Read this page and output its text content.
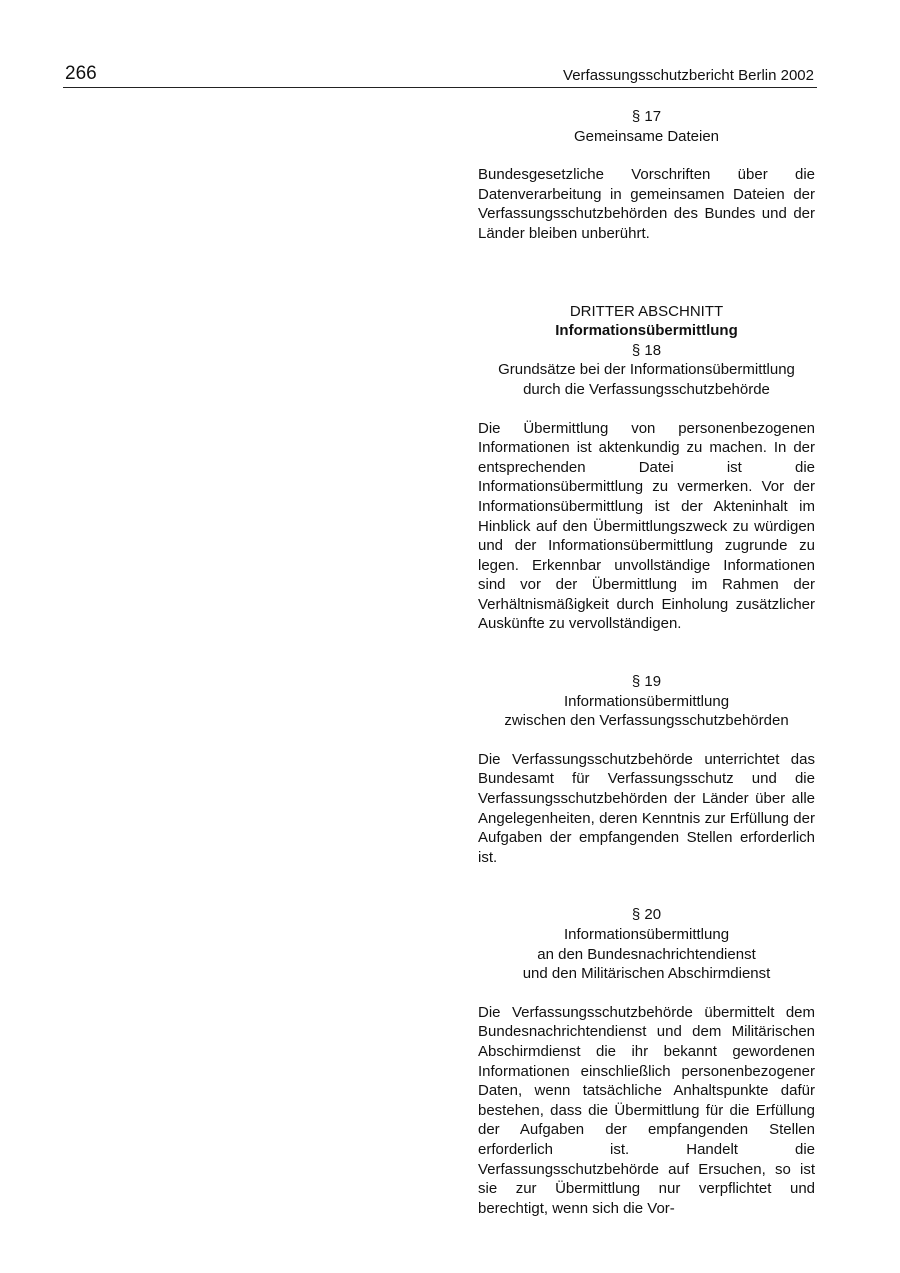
266	Verfassungsschutzbericht Berlin 2002
§ 17
Gemeinsame Dateien

Bundesgesetzliche Vorschriften über die Datenverarbeitung in gemeinsamen Dateien der Verfassungsschutzbehörden des Bundes und der Länder bleiben unberührt.

DRITTER ABSCHNITT
Informationsübermittlung
§ 18
Grundsätze bei der Informationsübermittlung
durch die Verfassungsschutzbehörde

Die Übermittlung von personenbezogenen Informationen ist aktenkundig zu machen. In der entsprechenden Datei ist die Informationsübermittlung zu vermerken. Vor der Informationsübermittlung ist der Akteninhalt im Hinblick auf den Übermittlungszweck zu würdigen und der Informationsübermittlung zugrunde zu legen. Erkennbar unvollständige Informationen sind vor der Übermittlung im Rahmen der Verhältnismäßigkeit durch Einholung zusätzlicher Auskünfte zu vervollständigen.

§ 19
Informationsübermittlung
zwischen den Verfassungsschutzbehörden

Die Verfassungsschutzbehörde unterrichtet das Bundesamt für Verfassungsschutz und die Verfassungsschutzbehörden der Länder über alle Angelegenheiten, deren Kenntnis zur Erfüllung der Aufgaben der empfangenden Stellen erforderlich ist.

§ 20
Informationsübermittlung
an den Bundesnachrichtendienst
und den Militärischen Abschirmdienst

Die Verfassungsschutzbehörde übermittelt dem Bundesnachrichtendienst und dem Militärischen Abschirmdienst die ihr bekannt gewordenen Informationen einschließlich personenbezogener Daten, wenn tatsächliche Anhaltspunkte dafür bestehen, dass die Übermittlung für die Erfüllung der Aufgaben der empfangenden Stellen erforderlich ist. Handelt die Verfassungsschutzbehörde auf Ersuchen, so ist sie zur Übermittlung nur verpflichtet und berechtigt, wenn sich die Vor-
